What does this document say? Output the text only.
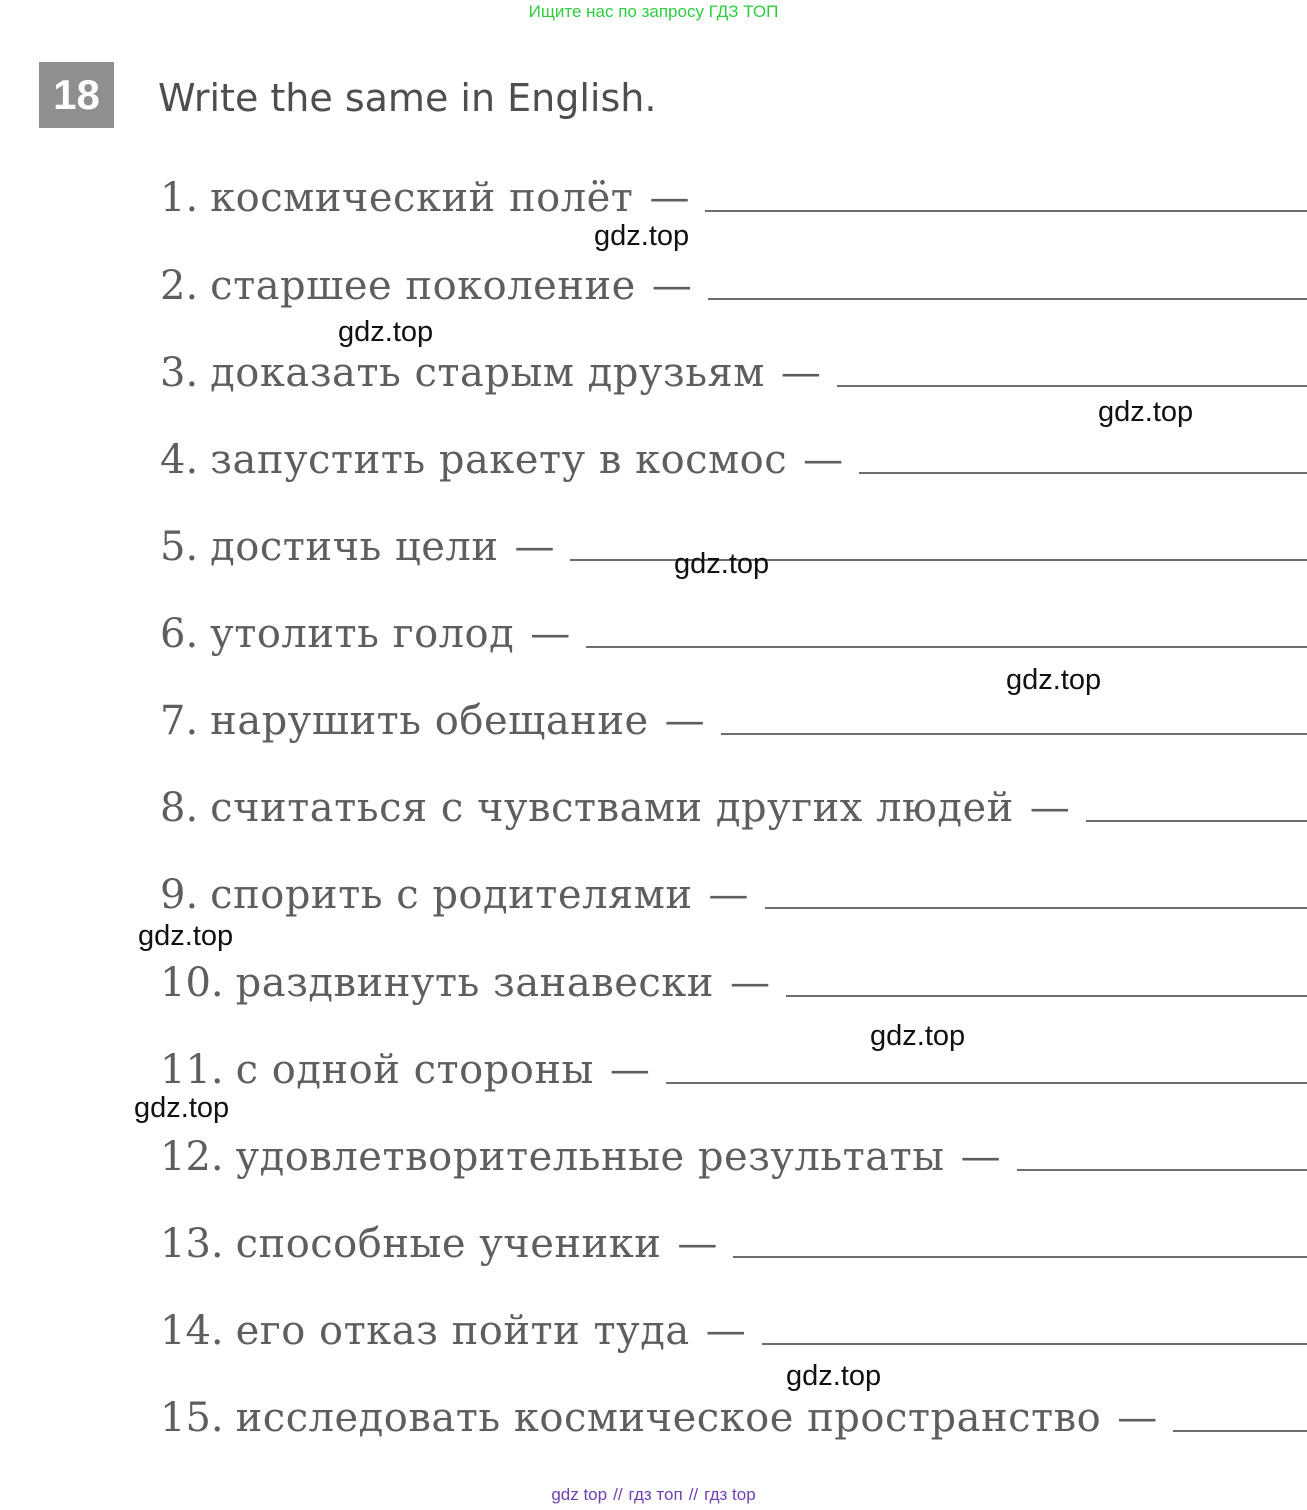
Ищите нас по запросу ГДЗ ТОП
18	Write the same in English.
1. космический полёт —
2. старшее поколение —
3. доказать старым друзьям —
4. запустить ракету в космос —
5. достичь цели —
6. утолить голод —
7. нарушить обещание —
8. считаться с чувствами других людей —
9. спорить с родителями —
10. раздвинуть занавески —
11. с одной стороны —
12. удовлетворительные результаты —
13. способные ученики —
14. его отказ пойти туда —
15. исследовать космическое пространство —
gdz.top
gdz.top
gdz.top
gdz.top
gdz.top
gdz.top
gdz.top
gdz.top
gdz.top
gdz top // гдз топ // гдз top
